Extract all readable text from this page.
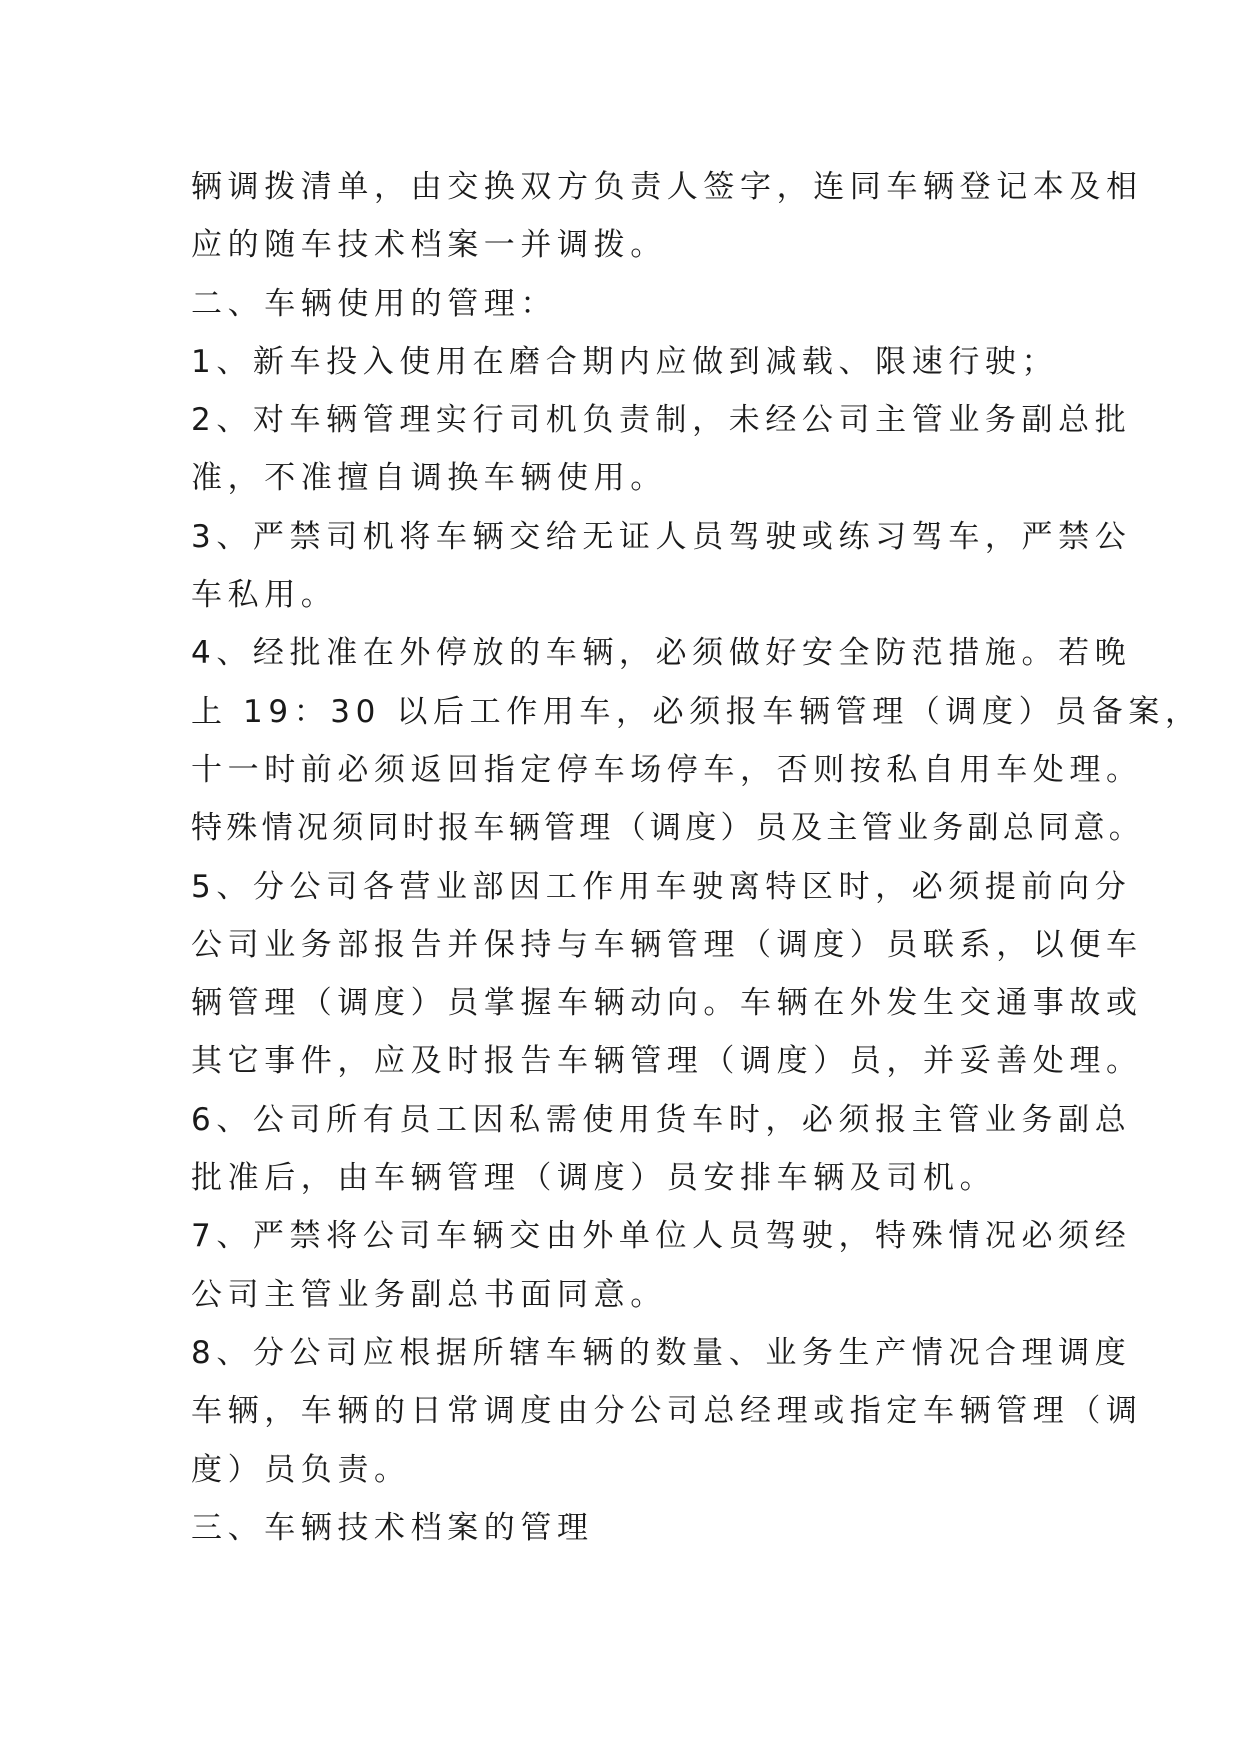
辆调拨清单，由交换双方负责人签字，连同车辆登记本及相
应的随车技术档案一并调拨。
二、车辆使用的管理：
1、新车投入使用在磨合期内应做到减载、限速行驶；
2、对车辆管理实行司机负责制，未经公司主管业务副总批
准，不准擅自调换车辆使用。
3、严禁司机将车辆交给无证人员驾驶或练习驾车，严禁公
车私用。
4、经批准在外停放的车辆，必须做好安全防范措施。若晚
上 19：30 以后工作用车，必须报车辆管理（调度）员备案，
十一时前必须返回指定停车场停车，否则按私自用车处理。
特殊情况须同时报车辆管理（调度）员及主管业务副总同意。
5、分公司各营业部因工作用车驶离特区时，必须提前向分
公司业务部报告并保持与车辆管理（调度）员联系，以便车
辆管理（调度）员掌握车辆动向。车辆在外发生交通事故或
其它事件，应及时报告车辆管理（调度）员，并妥善处理。
6、公司所有员工因私需使用货车时，必须报主管业务副总
批准后，由车辆管理（调度）员安排车辆及司机。
7、严禁将公司车辆交由外单位人员驾驶，特殊情况必须经
公司主管业务副总书面同意。
8、分公司应根据所辖车辆的数量、业务生产情况合理调度
车辆，车辆的日常调度由分公司总经理或指定车辆管理（调
度）员负责。
三、车辆技术档案的管理
